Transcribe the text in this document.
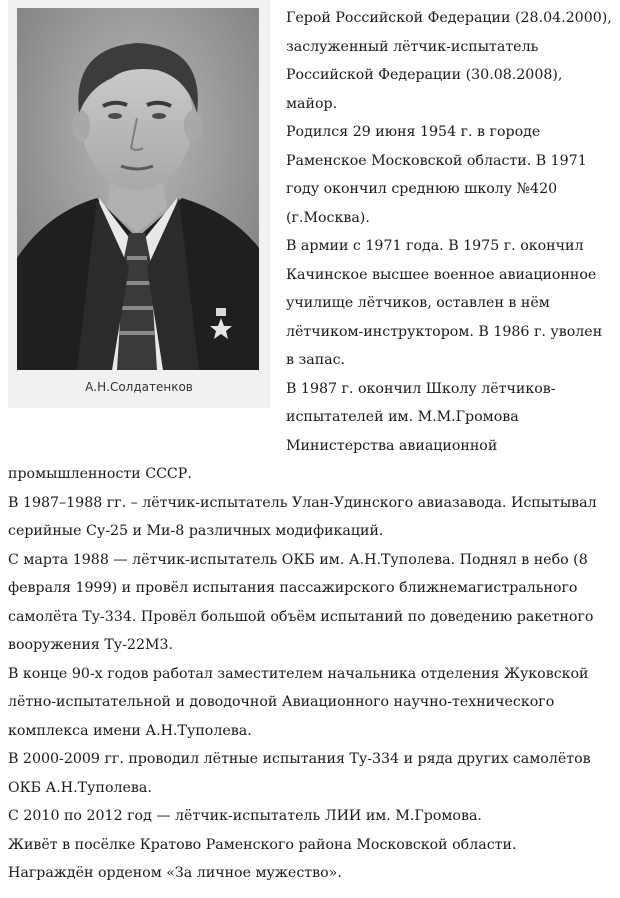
А.Н.Солдатенков
Герой Российской Федерации (28.04.2000), заслуженный лётчик-испытатель Российской Федерации (30.08.2008), майор.
Родился 29 июня 1954 г. в городе Раменское Московской области. В 1971 году окончил среднюю школу №420 (г.Москва).
В армии с 1971 года. В 1975 г. окончил Качинское высшее военное авиационное училище лётчиков, оставлен в нём лётчиком-инструктором. В 1986 г. уволен в запас.
В 1987 г. окончил Школу лётчиков-испытателей им. М.М.Громова Министерства авиационной промышленности СССР.
В 1987–1988 гг. – лётчик-испытатель Улан-Удинского авиазавода. Испытывал серийные Су-25 и Ми-8 различных модификаций.
С марта 1988 — лётчик-испытатель ОКБ им. А.Н.Туполева. Поднял в небо (8 февраля 1999) и провёл испытания пассажирского ближнемагистрального самолёта Ту-334. Провёл большой объём испытаний по доведению ракетного вооружения Ту-22М3.
В конце 90-х годов работал заместителем начальника отделения Жуковской лётно-испытательной и доводочной Авиационного научно-технического комплекса имени А.Н.Туполева.
В 2000-2009 гг. проводил лётные испытания Ту-334 и ряда других самолётов ОКБ А.Н.Туполева.
С 2010 по 2012 год — лётчик-испытатель ЛИИ им. М.Громова.
Живёт в посёлке Кратово Раменского района Московской области.
Награждён орденом «За личное мужество».
